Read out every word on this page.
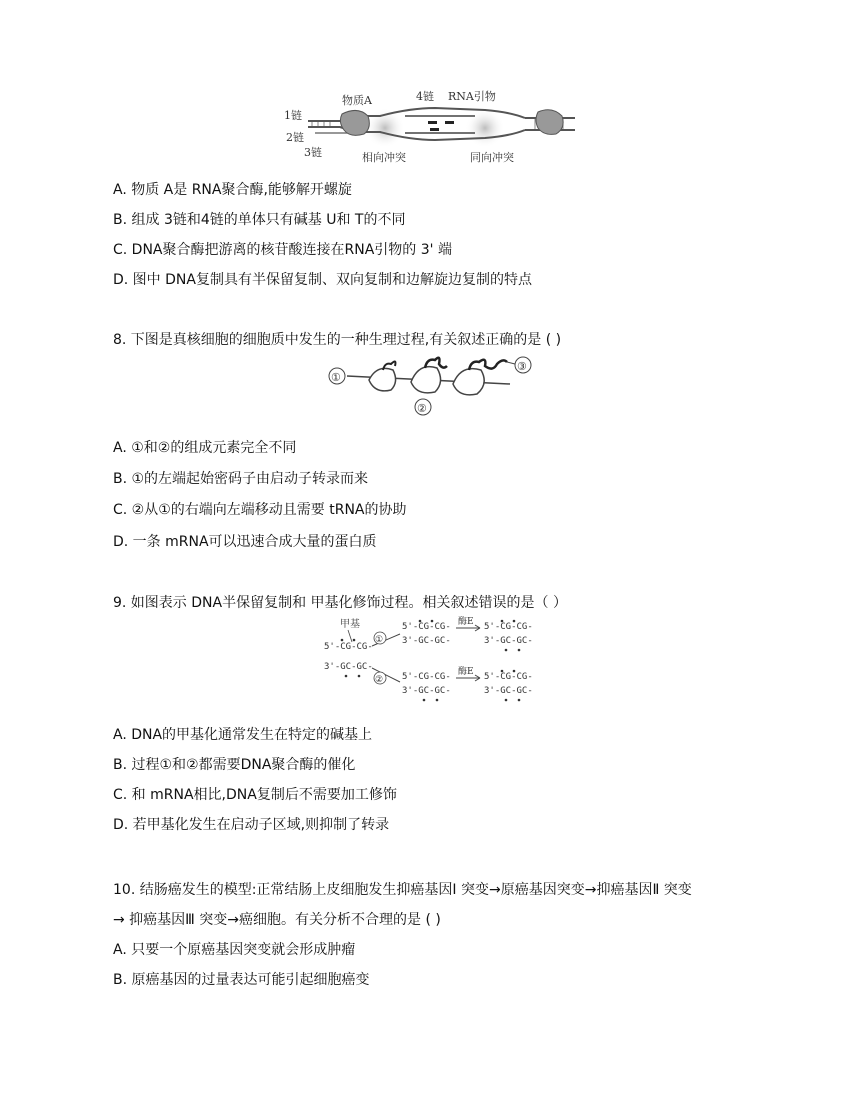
1链
2链
3链
物质A	4链 RNA引物
相向冲突	同向冲突
A. 物质 A是 RNA聚合酶,能够解开螺旋
B. 组成 3链和4链的单体只有碱基 U和 T的不同
C. DNA聚合酶把游离的核苷酸连接在RNA引物的 3' 端
D. 图中 DNA复制具有半保留复制、双向复制和边解旋边复制的特点
8. 下图是真核细胞的细胞质中发生的一种生理过程,有关叙述正确的是 ( )
①
②
③
A. ①和②的组成元素完全不同
B. ①的左端起始密码子由启动子转录而来
C. ②从①的右端向左端移动且需要 tRNA的协助
D. 一条 mRNA可以迅速合成大量的蛋白质
9. 如图表示 DNA半保留复制和 甲基化修饰过程。相关叙述错误的是（ ）
甲基
5'-CG-CG-
3'-GC-GC-
①
②
5'-CG-CG-
3'-GC-GC-
5'-CG-CG-
3'-GC-GC-
酶E
酶E
5'-CG-CG-
3'-GC-GC-
5'-CG-CG-
3'-GC-GC-
A. DNA的甲基化通常发生在特定的碱基上
B. 过程①和②都需要DNA聚合酶的催化
C. 和 mRNA相比,DNA复制后不需要加工修饰
D. 若甲基化发生在启动子区域,则抑制了转录
10. 结肠癌发生的模型:正常结肠上皮细胞发生抑癌基因Ⅰ 突变→原癌基因突变→抑癌基因Ⅱ 突变
→ 抑癌基因Ⅲ 突变→癌细胞。有关分析不合理的是 ( )
A. 只要一个原癌基因突变就会形成肿瘤
B. 原癌基因的过量表达可能引起细胞癌变
